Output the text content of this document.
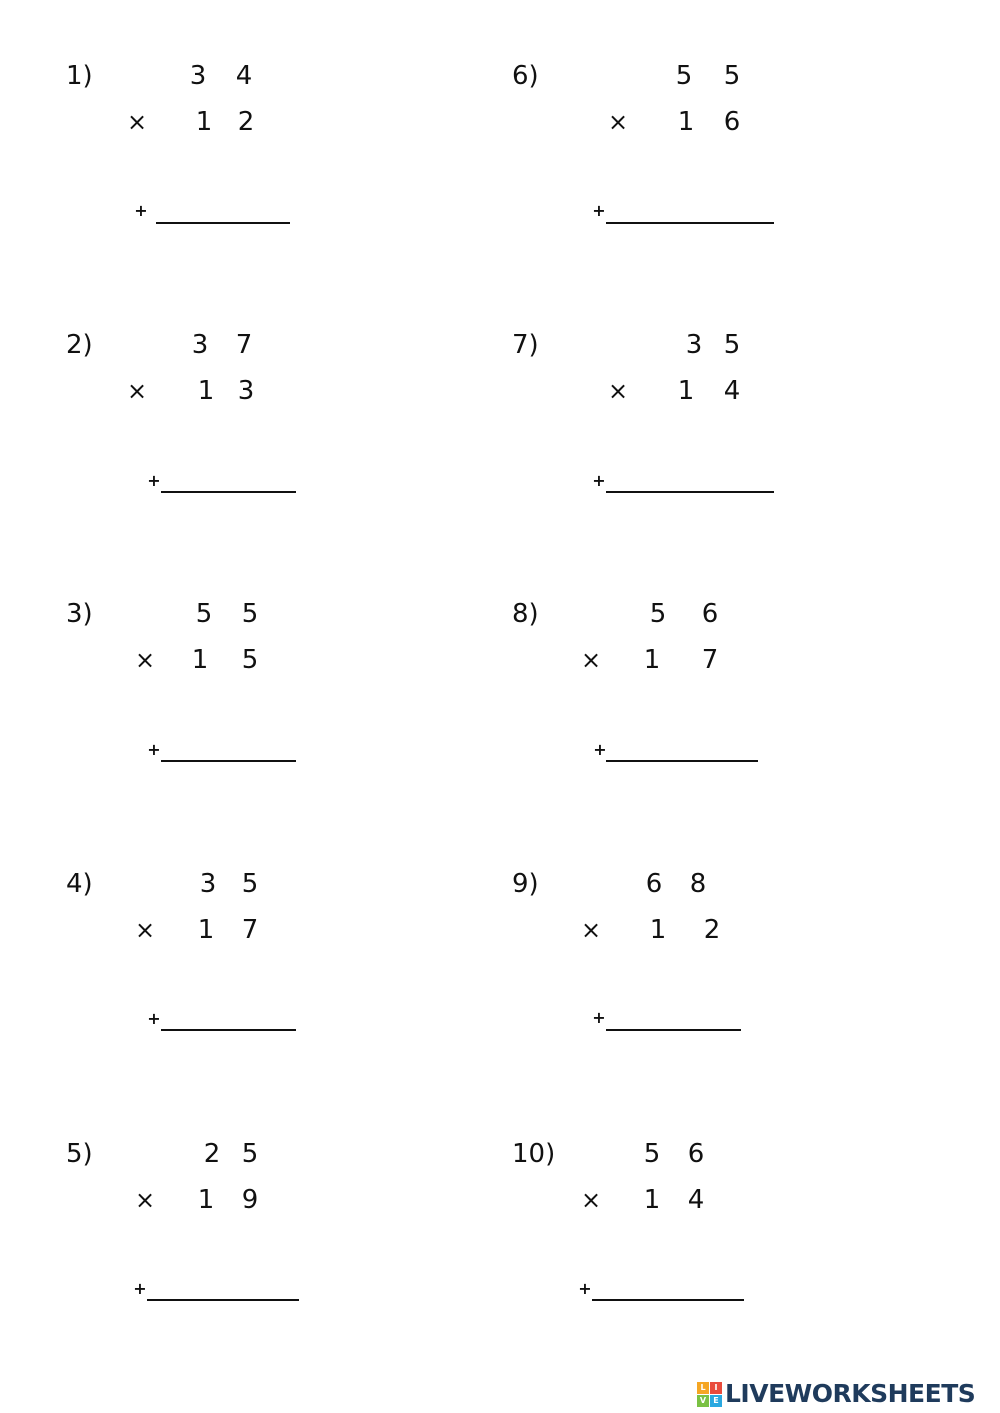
1)	3 4
× 1 2
+
2)	3 7
× 1 3
+
3)	5 5
× 1 5
+
4)	3 5
× 1 7
+
5)	2 5
× 1 9
+
6)	5 5
× 1 6
+
7)	3 5
× 1 4
+
8)	5 6
× 1 7
+
9)	6 8
× 1 2
+
10)	5 6
× 1 4
+
L	I
V E LIVEWORKSHEETS
